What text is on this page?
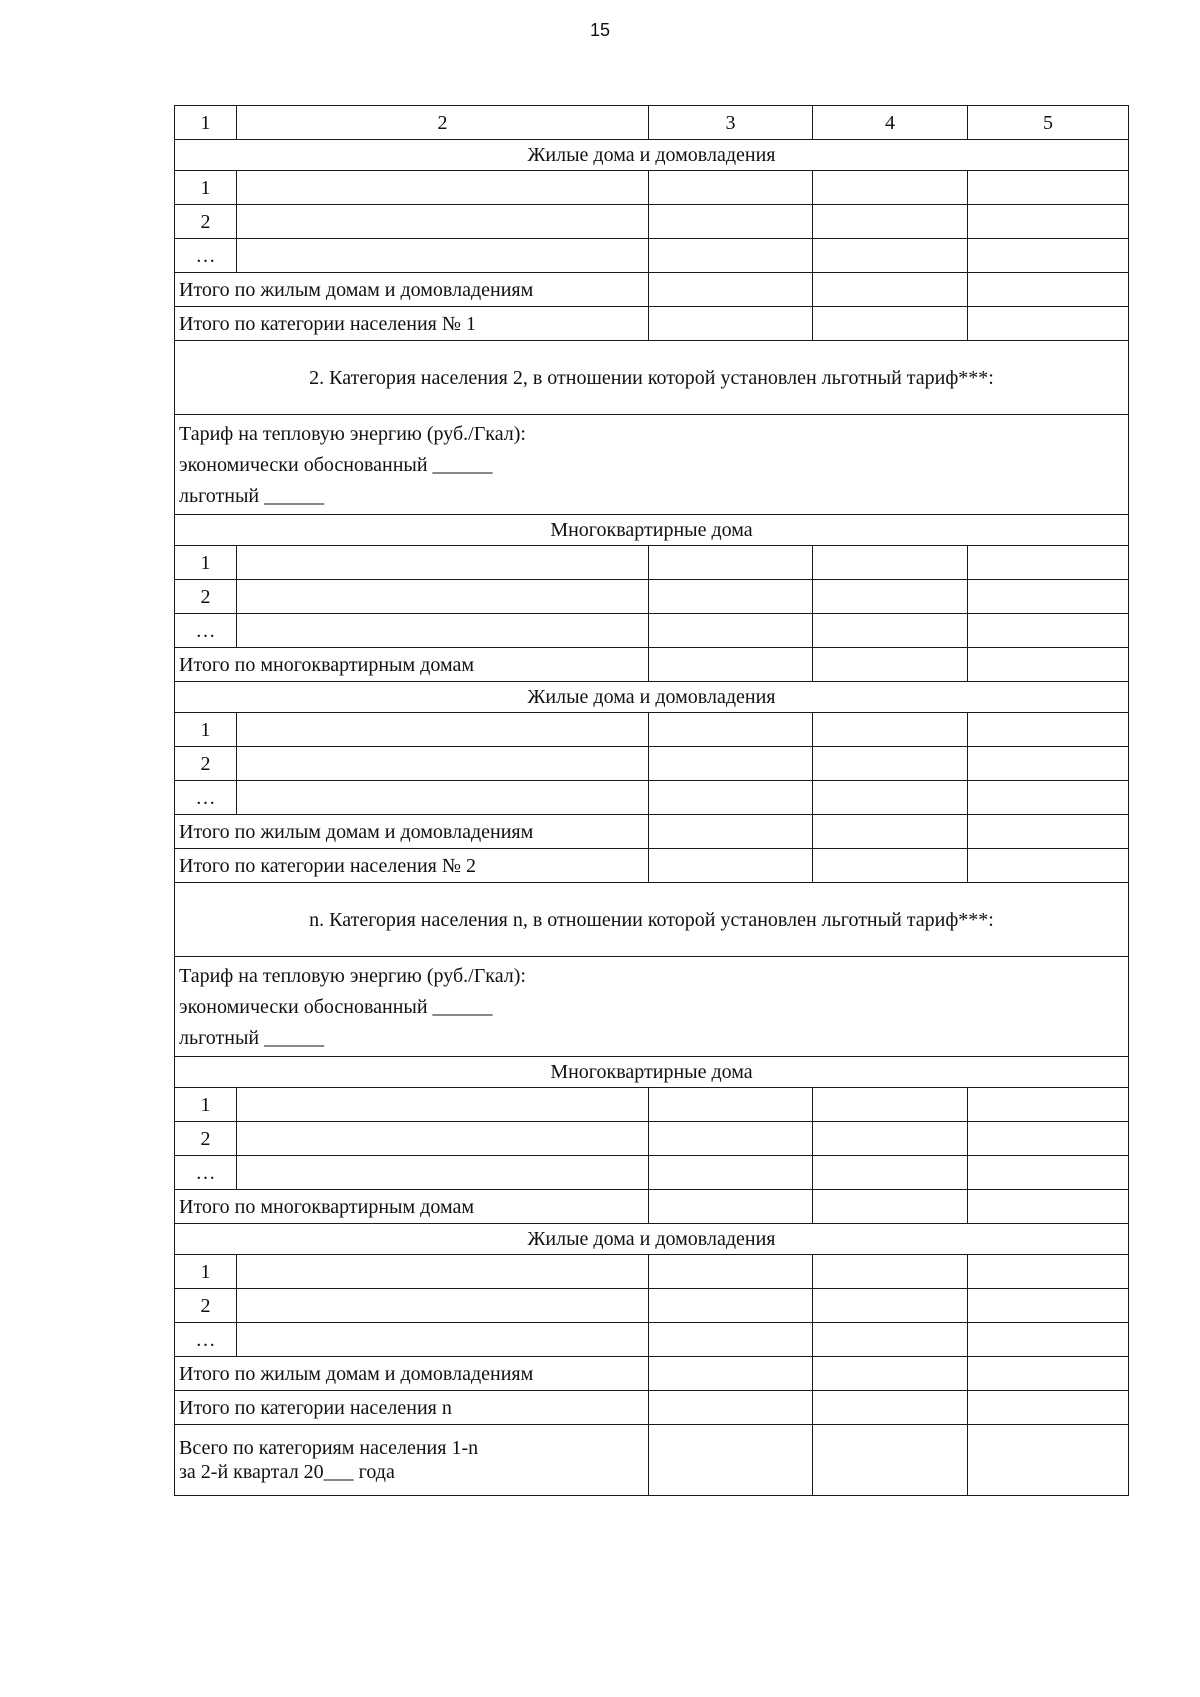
15
1	2	3	4	5
Жилые дома и домовладения				
1				
2				
…				
Итого по жилым домам и домовладениям				
Итого по категории населения № 1				
2. Категория населения 2, в отношении которой установлен льготный тариф***:				

Тариф на тепловую энергию (руб./Гкал):
экономически обоснованный ______
льготный ______				

Многоквартирные дома				
1				
2				
…				
Итого по многоквартирным домам				
Жилые дома и домовладения				
1				
2				
…				
Итого по жилым домам и домовладениям				
Итого по категории населения № 2				
n. Категория населения n, в отношении которой установлен льготный тариф***:				

Тариф на тепловую энергию (руб./Гкал):
экономически обоснованный ______
льготный ______				

Многоквартирные дома				
1				
2				
…				
Итого по многоквартирным домам				
Жилые дома и домовладения				
1				
2				
…				
Итого по жилым домам и домовладениям				
Итого по категории населения n				

Всего по категориям населения 1-n
за 2-й квартал 20___ года				
